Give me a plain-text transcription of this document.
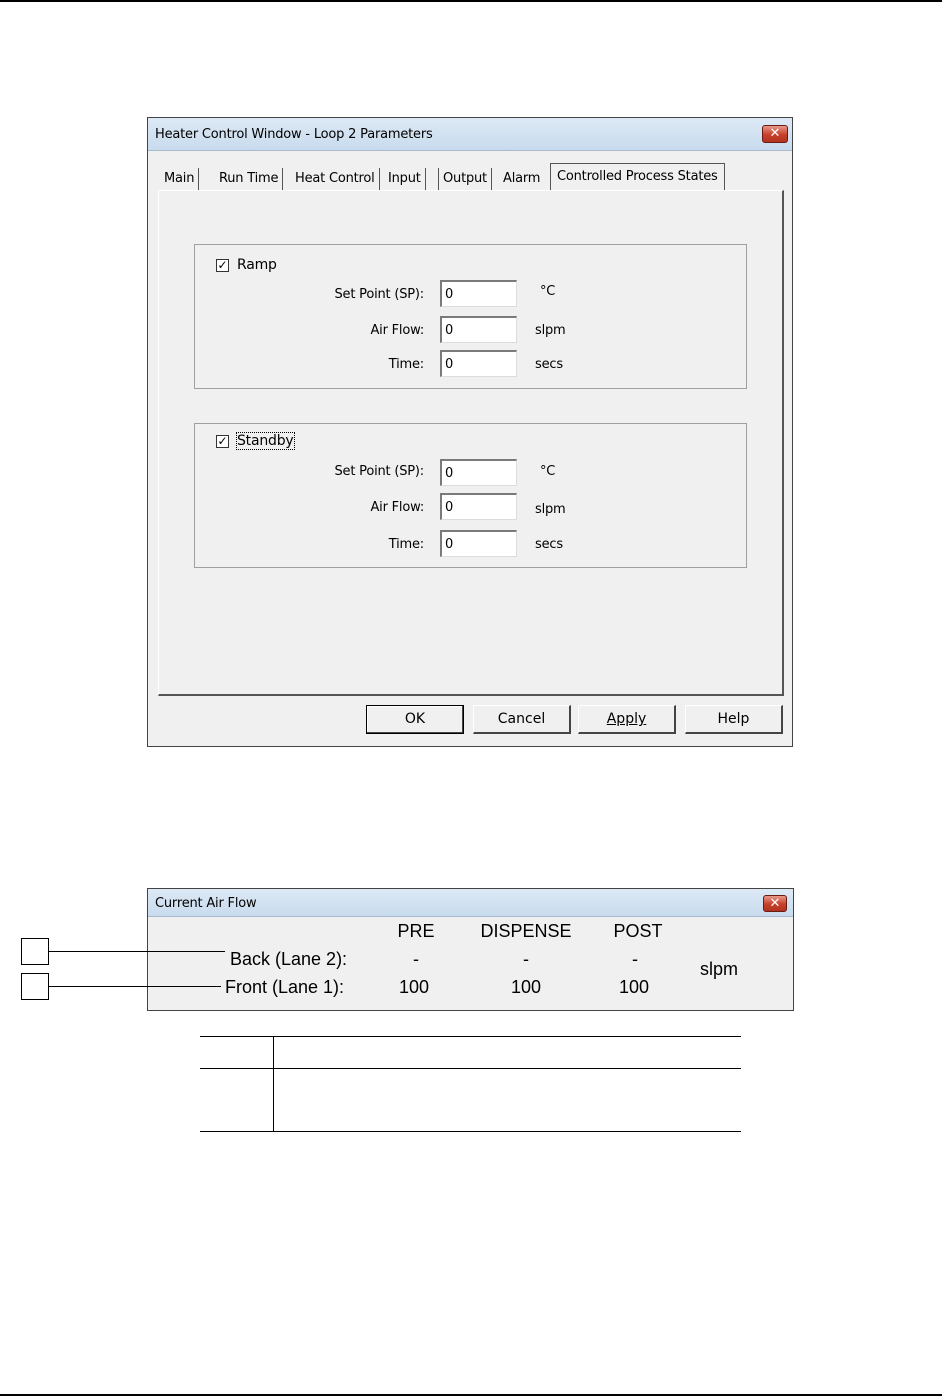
Heater Control Window - Loop 2 Parameters	✕
Main	Run Time	Heat Control	Input	Output	Alarm	Controlled Process States
✓ Ramp
Set Point (SP):
0	°C
Air Flow:
0	slpm
Time:
0	secs
✓ Standby
Set Point (SP):
0	°C
Air Flow:
0	slpm
Time:
0	secs
OK	Cancel	Apply	Help
Current Air Flow	✕
PRE	DISPENSE	POST
Back (Lane 2):	-	-	-
Front (Lane 1):	100	100	100
slpm
